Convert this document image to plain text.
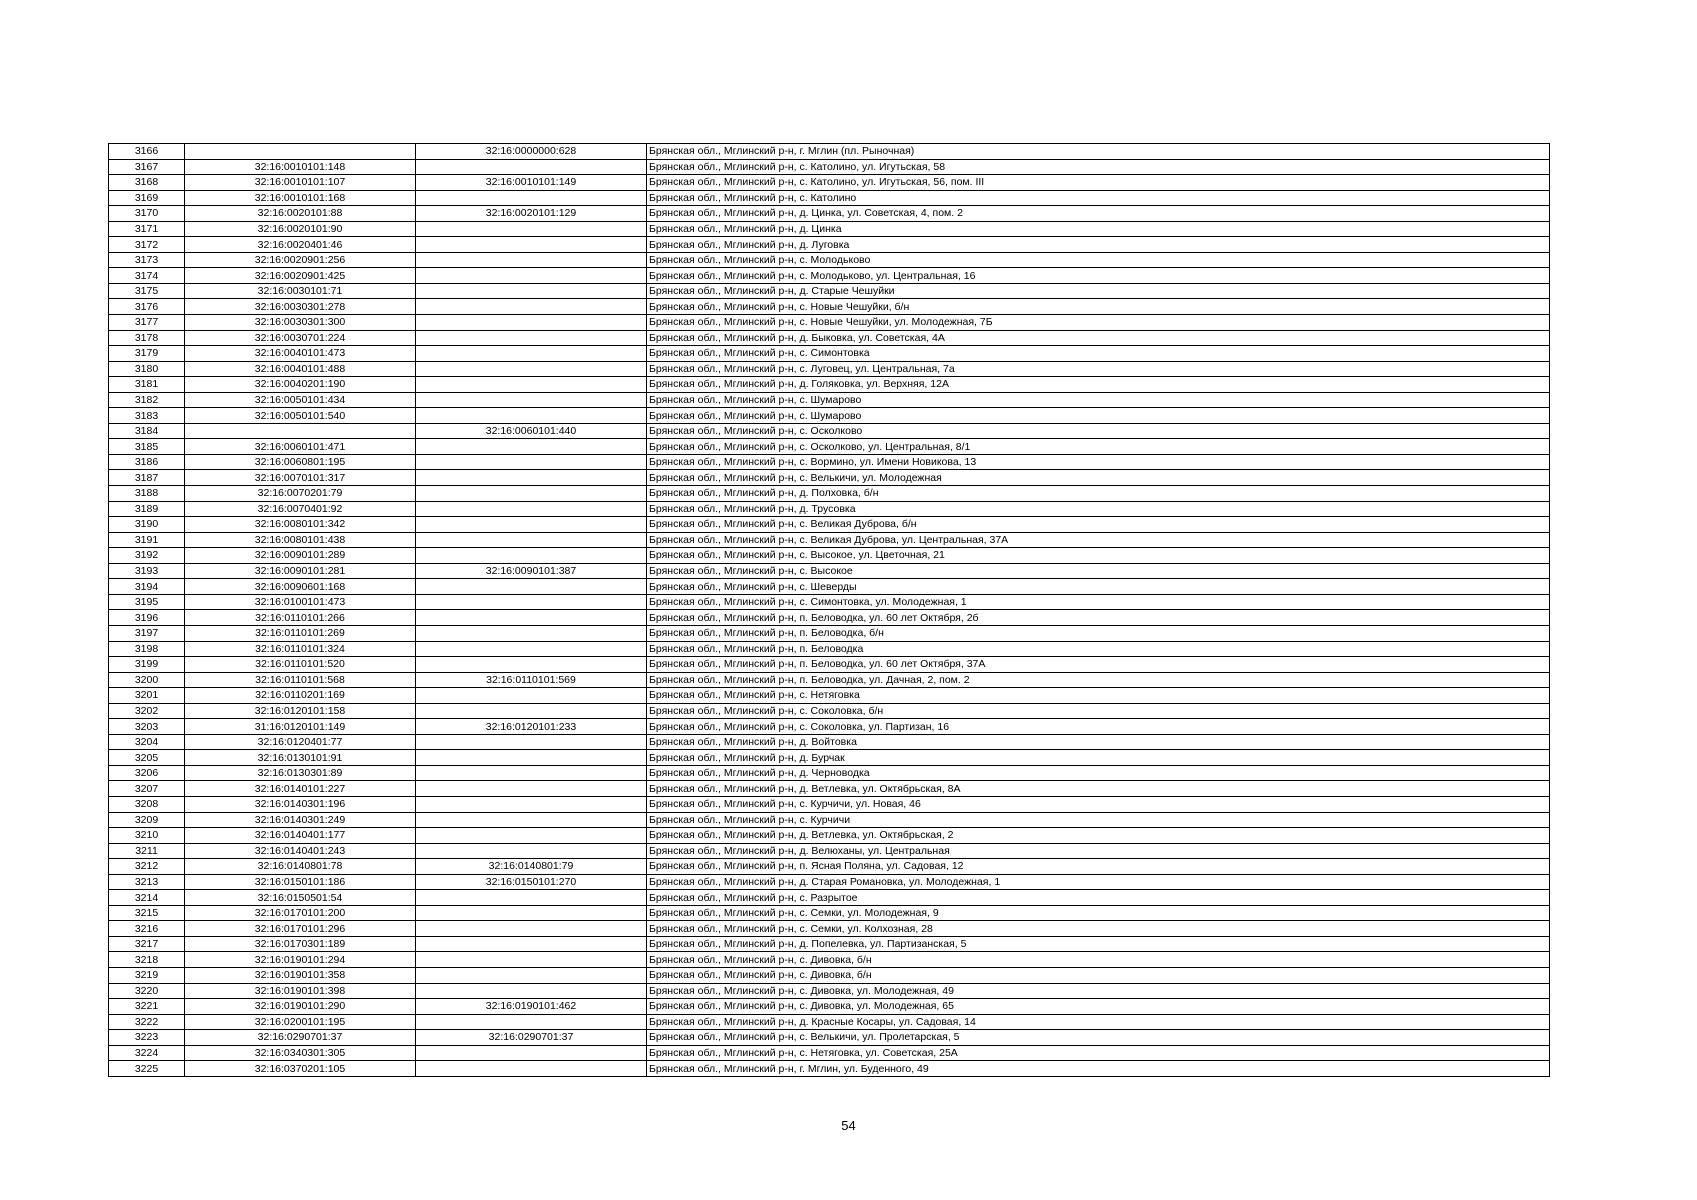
3166		32:16:0000000:628	Брянская обл., Мглинский р-н, г. Мглин (пл. Рыночная)
3167	32:16:0010101:148		Брянская обл., Мглинский р-н, с. Католино, ул. Игутьская, 58
3168	32:16:0010101:107	32:16:0010101:149	Брянская обл., Мглинский р-н, с. Католино, ул. Игутьская, 56, пом. III
3169	32:16:0010101:168		Брянская обл., Мглинский р-н, с. Католино
3170	32:16:0020101:88	32:16:0020101:129	Брянская обл., Мглинский р-н, д. Цинка, ул. Советская, 4, пом. 2
3171	32:16:0020101:90		Брянская обл., Мглинский р-н, д. Цинка
3172	32:16:0020401:46		Брянская обл., Мглинский р-н, д. Луговка
3173	32:16:0020901:256		Брянская обл., Мглинский р-н, с. Молодьково
3174	32:16:0020901:425		Брянская обл., Мглинский р-н, с. Молодьково, ул. Центральная, 16
3175	32:16:0030101:71		Брянская обл., Мглинский р-н, д. Старые Чешуйки
3176	32:16:0030301:278		Брянская обл., Мглинский р-н, с. Новые Чешуйки, б/н
3177	32:16:0030301:300		Брянская обл., Мглинский р-н, с. Новые Чешуйки, ул. Молодежная, 7Б
3178	32:16:0030701:224		Брянская обл., Мглинский р-н, д. Быковка, ул. Советская, 4А
3179	32:16:0040101:473		Брянская обл., Мглинский р-н, с. Симонтовка
3180	32:16:0040101:488		Брянская обл., Мглинский р-н, с. Луговец, ул. Центральная, 7а
3181	32:16:0040201:190		Брянская обл., Мглинский р-н, д. Голяковка, ул. Верхняя, 12А
3182	32:16:0050101:434		Брянская обл., Мглинский р-н, с. Шумарово
3183	32:16:0050101:540		Брянская обл., Мглинский р-н, с. Шумарово
3184		32:16:0060101:440	Брянская обл., Мглинский р-н, с. Осколково
3185	32:16:0060101:471		Брянская обл., Мглинский р-н, с. Осколково, ул. Центральная, 8/1
3186	32:16:0060801:195		Брянская обл., Мглинский р-н, с. Вормино, ул. Имени Новикова, 13
3187	32:16:0070101:317		Брянская обл., Мглинский р-н, с. Велькичи, ул. Молодежная
3188	32:16:0070201:79		Брянская обл., Мглинский р-н, д. Полховка, б/н
3189	32:16:0070401:92		Брянская обл., Мглинский р-н, д. Трусовка
3190	32:16:0080101:342		Брянская обл., Мглинский р-н, с. Великая Дуброва, б/н
3191	32:16:0080101:438		Брянская обл., Мглинский р-н, с. Великая Дуброва, ул. Центральная, 37А
3192	32:16:0090101:289		Брянская обл., Мглинский р-н, с. Высокое, ул. Цветочная, 21
3193	32:16:0090101:281	32:16:0090101:387	Брянская обл., Мглинский р-н, с. Высокое
3194	32:16:0090601:168		Брянская обл., Мглинский р-н, с. Шеверды
3195	32:16:0100101:473		Брянская обл., Мглинский р-н, с. Симонтовка, ул. Молодежная, 1
3196	32:16:0110101:266		Брянская обл., Мглинский р-н, п. Беловодка, ул. 60 лет Октября, 2б
3197	32:16:0110101:269		Брянская обл., Мглинский р-н, п. Беловодка, б/н
3198	32:16:0110101:324		Брянская обл., Мглинский р-н, п. Беловодка
3199	32:16:0110101:520		Брянская обл., Мглинский р-н, п. Беловодка, ул. 60 лет Октября, 37А
3200	32:16:0110101:568	32:16:0110101:569	Брянская обл., Мглинский р-н, п. Беловодка, ул. Дачная, 2, пом. 2
3201	32:16:0110201:169		Брянская обл., Мглинский р-н, с. Нетяговка
3202	32:16:0120101:158		Брянская обл., Мглинский р-н, с. Соколовка, б/н
3203	31:16:0120101:149	32:16:0120101:233	Брянская обл., Мглинский р-н, с. Соколовка, ул. Партизан, 16
3204	32:16:0120401:77		Брянская обл., Мглинский р-н, д. Войтовка
3205	32:16:0130101:91		Брянская обл., Мглинский р-н, д. Бурчак
3206	32:16:0130301:89		Брянская обл., Мглинский р-н, д. Черноводка
3207	32:16:0140101:227		Брянская обл., Мглинский р-н, д. Ветлевка, ул. Октябрьская, 8А
3208	32:16:0140301:196		Брянская обл., Мглинский р-н, с. Курчичи, ул. Новая, 46
3209	32:16:0140301:249		Брянская обл., Мглинский р-н, с. Курчичи
3210	32:16:0140401:177		Брянская обл., Мглинский р-н, д. Ветлевка, ул. Октябрьская, 2
3211	32:16:0140401:243		Брянская обл., Мглинский р-н, д. Велюханы, ул. Центральная
3212	32:16:0140801:78	32:16:0140801:79	Брянская обл., Мглинский р-н, п. Ясная Поляна, ул. Садовая, 12
3213	32:16:0150101:186	32:16:0150101:270	Брянская обл., Мглинский р-н, д. Старая Романовка, ул. Молодежная, 1
3214	32:16:0150501:54		Брянская обл., Мглинский р-н, с. Разрытое
3215	32:16:0170101:200		Брянская обл., Мглинский р-н, с. Семки, ул. Молодежная, 9
3216	32:16:0170101:296		Брянская обл., Мглинский р-н, с. Семки, ул. Колхозная, 28
3217	32:16:0170301:189		Брянская обл., Мглинский р-н, д. Попелевка, ул. Партизанская, 5
3218	32:16:0190101:294		Брянская обл., Мглинский р-н, с. Дивовка, б/н
3219	32:16:0190101:358		Брянская обл., Мглинский р-н, с. Дивовка, б/н
3220	32:16:0190101:398		Брянская обл., Мглинский р-н, с. Дивовка, ул. Молодежная, 49
3221	32:16:0190101:290	32:16:0190101:462	Брянская обл., Мглинский р-н, с. Дивовка, ул. Молодежная, 65
3222	32:16:0200101:195		Брянская обл., Мглинский р-н, д. Красные Косары, ул. Садовая, 14
3223	32:16:0290701:37	32:16:0290701:37	Брянская обл., Мглинский р-н, с. Велькичи, ул. Пролетарская, 5
3224	32:16:0340301:305		Брянская обл., Мглинский р-н, с. Нетяговка, ул. Советская, 25А
3225	32:16:0370201:105		Брянская обл., Мглинский р-н, г. Мглин, ул. Буденного, 49
54
